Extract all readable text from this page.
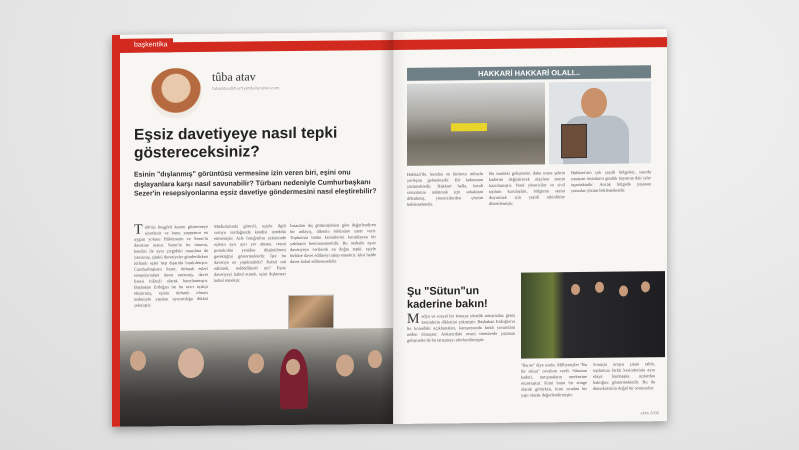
başkentika
tûba atav
tubaatav@hurriyetdailynews.com
Eşsiz davetiyeye nasıl tepki göstereceksiniz?
Esinin "dışlanmış" görüntüsü vermesine izin veren biri, eşini onu dışlayanlara karşı nasıl savunabilir? Türbanı nedeniyle Cumhurbaşkanı Sezer'in resepsiyonlarına eşsiz davetiye göndermesini nasıl eleştirebilir?
T ürk'ün hoşgörü kanını göstermeye niyetlenir ve bunu yapmanın en uygun yolunu Hükümetin ve Sezer'in davetine inanır. Sezer'in bu tutumu, kendisi ile aynı çizgideki insanlara da yansımış, çünkü davetiyeler gönderilirken türbanlı eşler hep dışarıda bırakılmıştır. Cumhurbaşkanı Sezer, türbanlı eşleri resepsiyonlara davet etmemiş, davet listesi bilinçli olarak hazırlanmıştır. Başbakan Erdoğan ise bu tavrı açıkça eleştirmiş, eşinin türbanlı olması nedeniyle yapılan ayrımcılığa dikkat çekmiştir.
Mudurluktaki görevli, eşiyle ilgili soruyu sorduğunda kendisi tereddüt etmemiştir. Aile fotoğrafını çekiminde eşlerin ayrı ayrı yer alması, resmi protokolün yeniden düşünülmesi gerektiğini göstermektedir. İşte bu davetiye ne yapılmalıdır? Kabul mü edilmeli, reddedilmeli mi? Eşsiz davetiyeyi kabul etmek, eşini dışlamayı kabul etmektir.
İnsanları dış görünüşlerine göre değerlendiren bir anlayış, ülkenin bütününe zarar verir. Toplumun bütün kesimlerini kucaklayan bir yaklaşım benimsenmelidir. Bu nedenle eşsiz davetiyeye verilecek en doğru tepki, eşiyle birlikte davet edilmeyi talep etmektir. Aksi halde davet kabul edilmemelidir.
HAKKARİ HAKKARİ OLALI...
Hakkari'de, bundan on binlerce nüfuslu yerleşim gelmektedir. Bir kahraman yürümektedir. Hakkari halkı, kendi sorunlarını anlatmak için sokaklara dökülmüş, yöneticilerden çözüm beklemektedir.
Bu sıradaki gelişmeler, daha sonra şehrin kaderini değiştirecek olaylara zemin hazırlamıştır. Yerel yöneticiler ve sivil toplum kuruluşları, bölgenin sesini duyurmak için çeşitli etkinlikler düzenlemiştir.
Hakkari'nin çok çeşitli bölgeleri, sınırda yaşayan insanların günlük hayatına dair izler taşımaktadır. Ancak bölgede yaşanan sorunlar çözüm beklemektedir.
Şu "Sütun"un kaderine bakın!
M edya ve sosyal bir konuya yönelik tartışmalar, geniş kesimlerin dikkatini çekmiştir. Başbakan Erdoğan'ın bu konudaki açıklamaları, kamuoyunda farklı yorumlara neden olmuştur. Ankara'daki resmi törenlerde yaşanan gelişmeler de bu tartışmayı alevlendirmiştir.
"Bu ne" diye sordu. Milliyetçiler "Bu bir sütun" cevabını verdi. Sütunun kaderi, tartışmaların merkezine oturmuştur. Kimi bunu bir simge olarak görürken, kimi sıradan bir yapı olarak değerlendirmiştir.
Sonuçta ortaya çıkan tablo, toplumun farklı kesimlerinin aynı olaya bambaşka açılardan baktığını göstermektedir. Bu da demokrasinin doğal bir sonucudur.
ekim 2006
